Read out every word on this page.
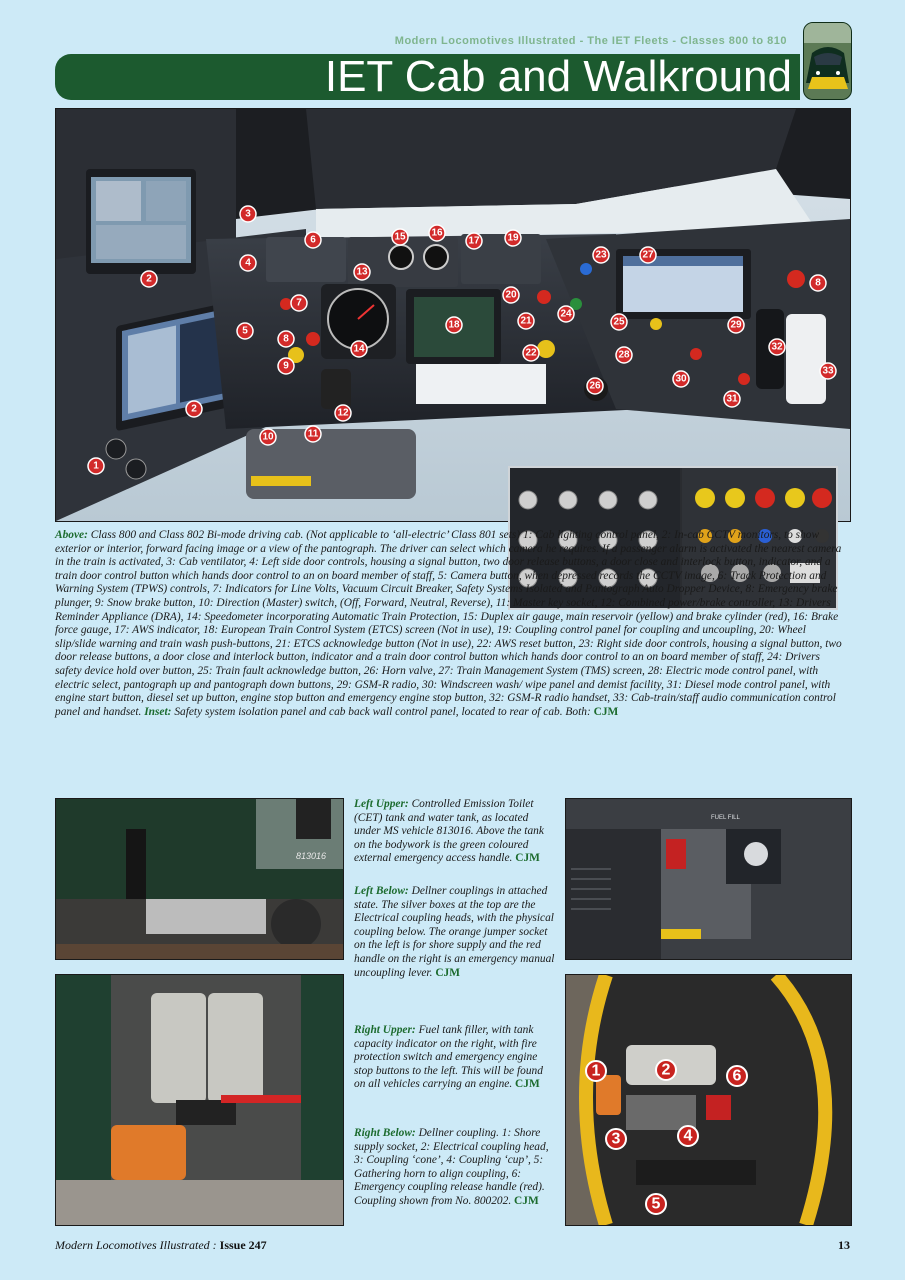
Modern Locomotives Illustrated - The IET Fleets - Classes 800 to 810
IET Cab and Walkround
1
2
2
3
4
5
6
7
8
8
9
10	11
12
13
14
15	16
17
18
19
20
21
22
23
24
25
26
27
28
29
30
31
32
33
Above: Class 800 and Class 802 Bi-mode driving cab. (Not applicable to ‘all-electric’ Class 801 sets) 1: Cab lighting control panel, 2: In-cab CCTV monitors, to show exterior or interior, forward facing image or a view of the pantograph. The driver can select which camera he requires. If a passenger alarm is activated the nearest camera in the train is activated, 3: Cab ventilator, 4: Left side door controls, housing a signal button, two door release buttons, a door close and interlock button, indicator, and a train door control button which hands door control to an on board member of staff, 5: Camera button, when depressed records the CCTV image, 6: Track Protection and Warning System (TPWS) controls, 7: Indicators for Line Volts, Vacuum Circuit Breaker, Safety Systems Isolated and Pantograph Auto Dropper Device, 8: Emergency brake plunger, 9: Snow brake button, 10: Direction (Master) switch, (Off, Forward, Neutral, Reverse), 11: Master key socket, 12: Combined power/brake controller, 13: Drivers Reminder Appliance (DRA), 14: Speedometer incorporating Automatic Train Protection, 15: Duplex air gauge, main reservoir (yellow) and brake cylinder (red), 16: Brake force gauge, 17: AWS indicator, 18: European Train Control System (ETCS) screen (Not in use), 19: Coupling control panel for coupling and uncoupling, 20: Wheel slip/slide warning and train wash push-buttons, 21: ETCS acknowledge button (Not in use), 22: AWS reset button, 23: Right side door controls, housing a signal button, two door release buttons, a door close and interlock button, indicator and a train door control button which hands door control to an on board member of staff, 24: Drivers safety device hold over button, 25: Train fault acknowledge button, 26: Horn valve, 27: Train Management System (TMS) screen, 28: Electric mode control panel, with electric select, pantograph up and pantograph down buttons, 29: GSM-R radio, 30: Windscreen wash/ wipe panel and demist facility, 31: Diesel mode control panel, with engine start button, diesel set up button, engine stop button and emergency engine stop button, 32: GSM-R radio handset, 33: Cab-train/staff audio communication control panel and handset. Inset: Safety system isolation panel and cab back wall control panel, located to rear of cab. Both: CJM
813016
FUEL FILL
1	2
3	4
5
6
Left Upper: Controlled Emission Toilet (CET) tank and water tank, as located under MS vehicle 813016. Above the tank on the bodywork is the green coloured external emergency access handle. CJM
Left Below: Dellner couplings in attached state. The silver boxes at the top are the Electrical coupling heads, with the physical coupling below. The orange jumper socket on the left is for shore supply and the red handle on the right is an emergency manual uncoupling lever. CJM
Right Upper: Fuel tank filler, with tank capacity indicator on the right, with fire protection switch and emergency engine stop buttons to the left. This will be found on all vehicles carrying an engine. CJM
Right Below: Dellner coupling. 1: Shore supply socket, 2: Electrical coupling head, 3: Coupling ‘cone’, 4: Coupling ‘cup’, 5: Gathering horn to align coupling, 6: Emergency coupling release handle (red). Coupling shown from No. 800202. CJM
Modern Locomotives Illustrated : Issue 247	13
